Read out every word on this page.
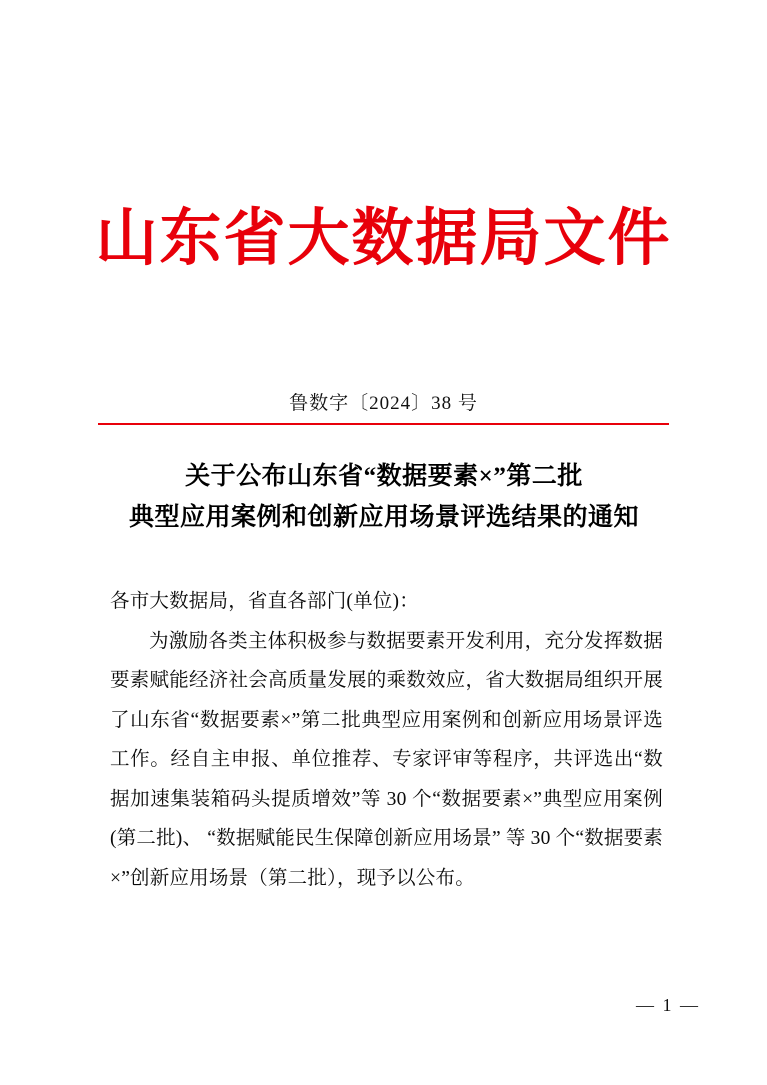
山东省大数据局文件
鲁数字〔2024〕38 号
关于公布山东省“数据要素×”第二批
典型应用案例和创新应用场景评选结果的通知

各市大数据局，省直各部门(单位)：

为激励各类主体积极参与数据要素开发利用，充分发挥数据要素赋能经济社会高质量发展的乘数效应，省大数据局组织开展了山东省“数据要素×”第二批典型应用案例和创新应用场景评选工作。经自主申报、单位推荐、专家评审等程序，共评选出“数据加速集装箱码头提质增效”等 30 个“数据要素×”典型应用案例 (第二批)、 “数据赋能民生保障创新应用场景” 等 30 个“数据要素×”创新应用场景（第二批），现予以公布。

— 1 —
